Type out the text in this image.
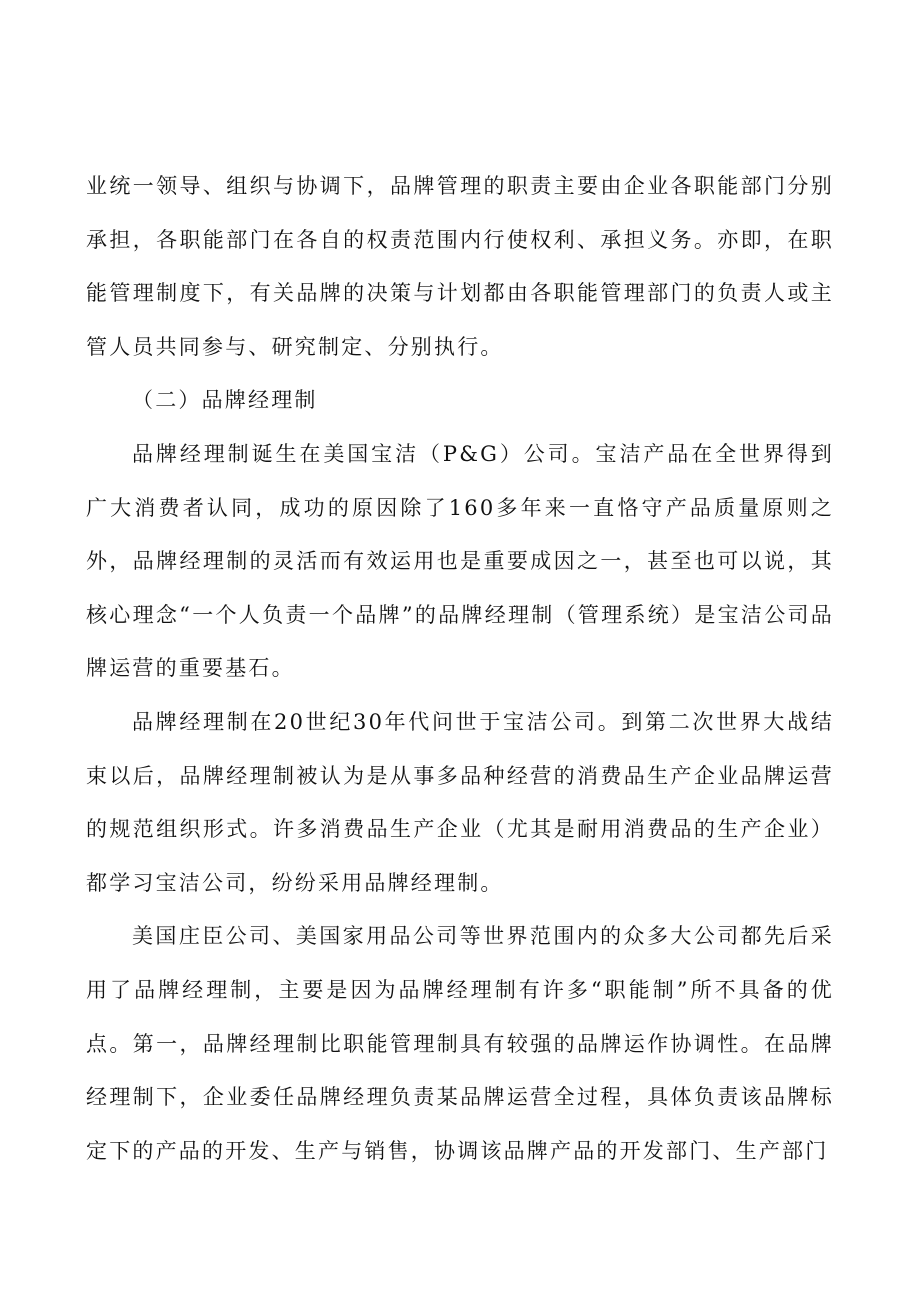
业统一领导、组织与协调下，品牌管理的职责主要由企业各职能部门分别承担，各职能部门在各自的权责范围内行使权利、承担义务。亦即，在职能管理制度下，有关品牌的决策与计划都由各职能管理部门的负责人或主管人员共同参与、研究制定、分别执行。

（二）品牌经理制

品牌经理制诞生在美国宝洁（P&G）公司。宝洁产品在全世界得到广大消费者认同，成功的原因除了160多年来一直恪守产品质量原则之外，品牌经理制的灵活而有效运用也是重要成因之一，甚至也可以说，其核心理念“一个人负责一个品牌”的品牌经理制（管理系统）是宝洁公司品牌运营的重要基石。

品牌经理制在20世纪30年代问世于宝洁公司。到第二次世界大战结束以后，品牌经理制被认为是从事多品种经营的消费品生产企业品牌运营的规范组织形式。许多消费品生产企业（尤其是耐用消费品的生产企业）都学习宝洁公司，纷纷采用品牌经理制。

美国庄臣公司、美国家用品公司等世界范围内的众多大公司都先后采用了品牌经理制，主要是因为品牌经理制有许多“职能制”所不具备的优点。第一，品牌经理制比职能管理制具有较强的品牌运作协调性。在品牌经理制下，企业委任品牌经理负责某品牌运营全过程，具体负责该品牌标定下的产品的开发、生产与销售，协调该品牌产品的开发部门、生产部门
